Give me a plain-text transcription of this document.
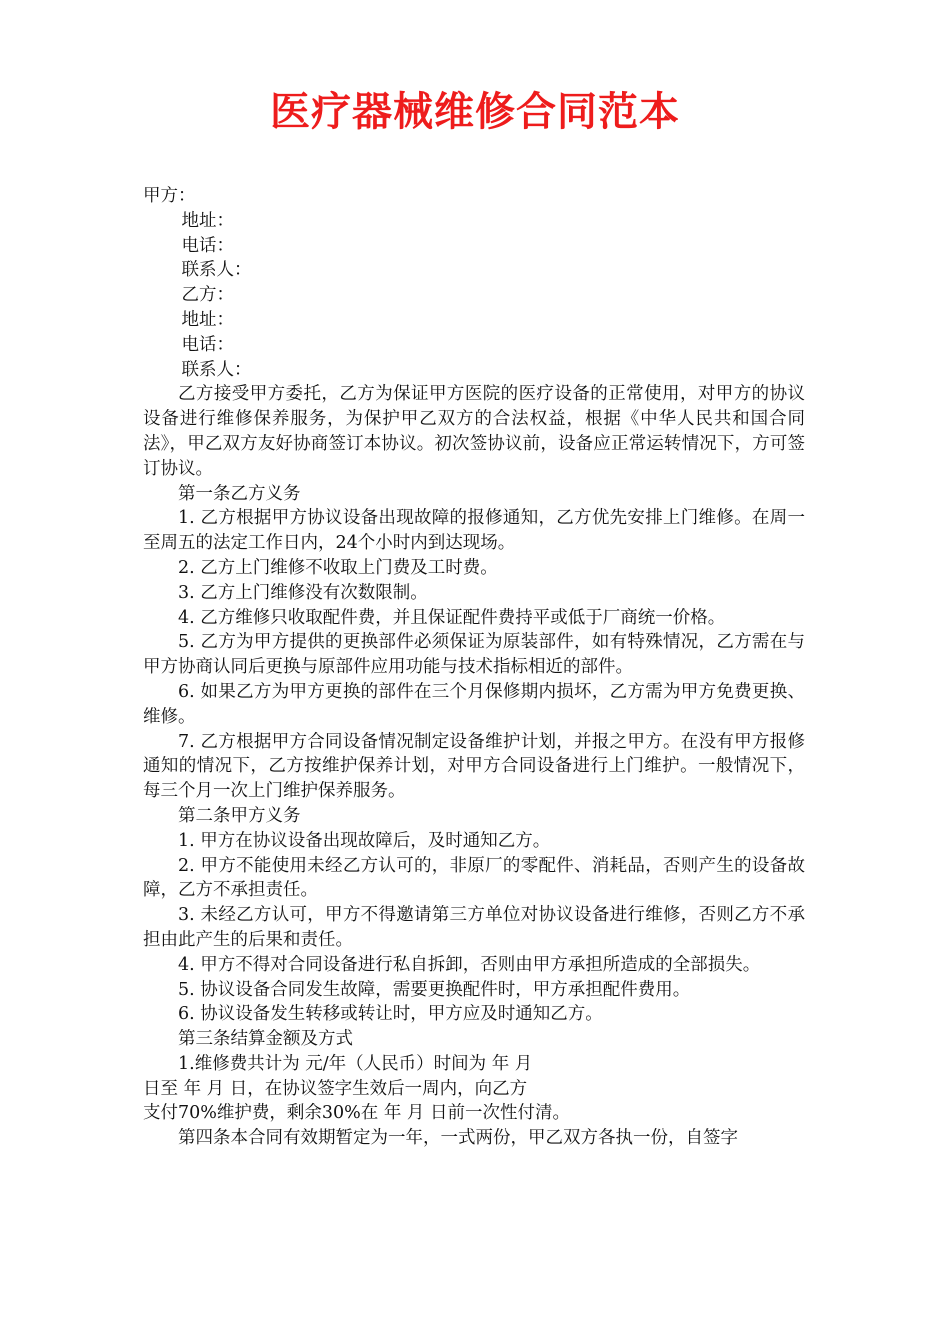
医疗器械维修合同范本

甲方：

地址：

电话：

联系人：

乙方：

地址：

电话：

联系人：

乙方接受甲方委托，乙方为保证甲方医院的医疗设备的正常使用，对甲方的协议设备进行维修保养服务，为保护甲乙双方的合法权益，根据《中华人民共和国合同法》，甲乙双方友好协商签订本协议。初次签协议前，设备应正常运转情况下，方可签订协议。

第一条乙方义务

1. 乙方根据甲方协议设备出现故障的报修通知，乙方优先安排上门维修。在周一至周五的法定工作日内，24个小时内到达现场。

2. 乙方上门维修不收取上门费及工时费。

3. 乙方上门维修没有次数限制。

4. 乙方维修只收取配件费，并且保证配件费持平或低于厂商统一价格。

5. 乙方为甲方提供的更换部件必须保证为原装部件，如有特殊情况，乙方需在与甲方协商认同后更换与原部件应用功能与技术指标相近的部件。

6. 如果乙方为甲方更换的部件在三个月保修期内损坏，乙方需为甲方免费更换、维修。

7. 乙方根据甲方合同设备情况制定设备维护计划，并报之甲方。在没有甲方报修通知的情况下，乙方按维护保养计划，对甲方合同设备进行上门维护。一般情况下，每三个月一次上门维护保养服务。

第二条甲方义务

1. 甲方在协议设备出现故障后，及时通知乙方。

2. 甲方不能使用未经乙方认可的，非原厂的零配件、消耗品，否则产生的设备故障，乙方不承担责任。

3. 未经乙方认可，甲方不得邀请第三方单位对协议设备进行维修，否则乙方不承担由此产生的后果和责任。

4. 甲方不得对合同设备进行私自拆卸，否则由甲方承担所造成的全部损失。

5. 协议设备合同发生故障，需要更换配件时，甲方承担配件费用。

6. 协议设备发生转移或转让时，甲方应及时通知乙方。

第三条结算金额及方式

1.维修费共计为 元/年（人民币）时间为 年 月

日至 年 月 日，在协议签字生效后一周内，向乙方

支付70%维护费，剩余30%在 年 月 日前一次性付清。

第四条本合同有效期暂定为一年，一式两份，甲乙双方各执一份，自签字
